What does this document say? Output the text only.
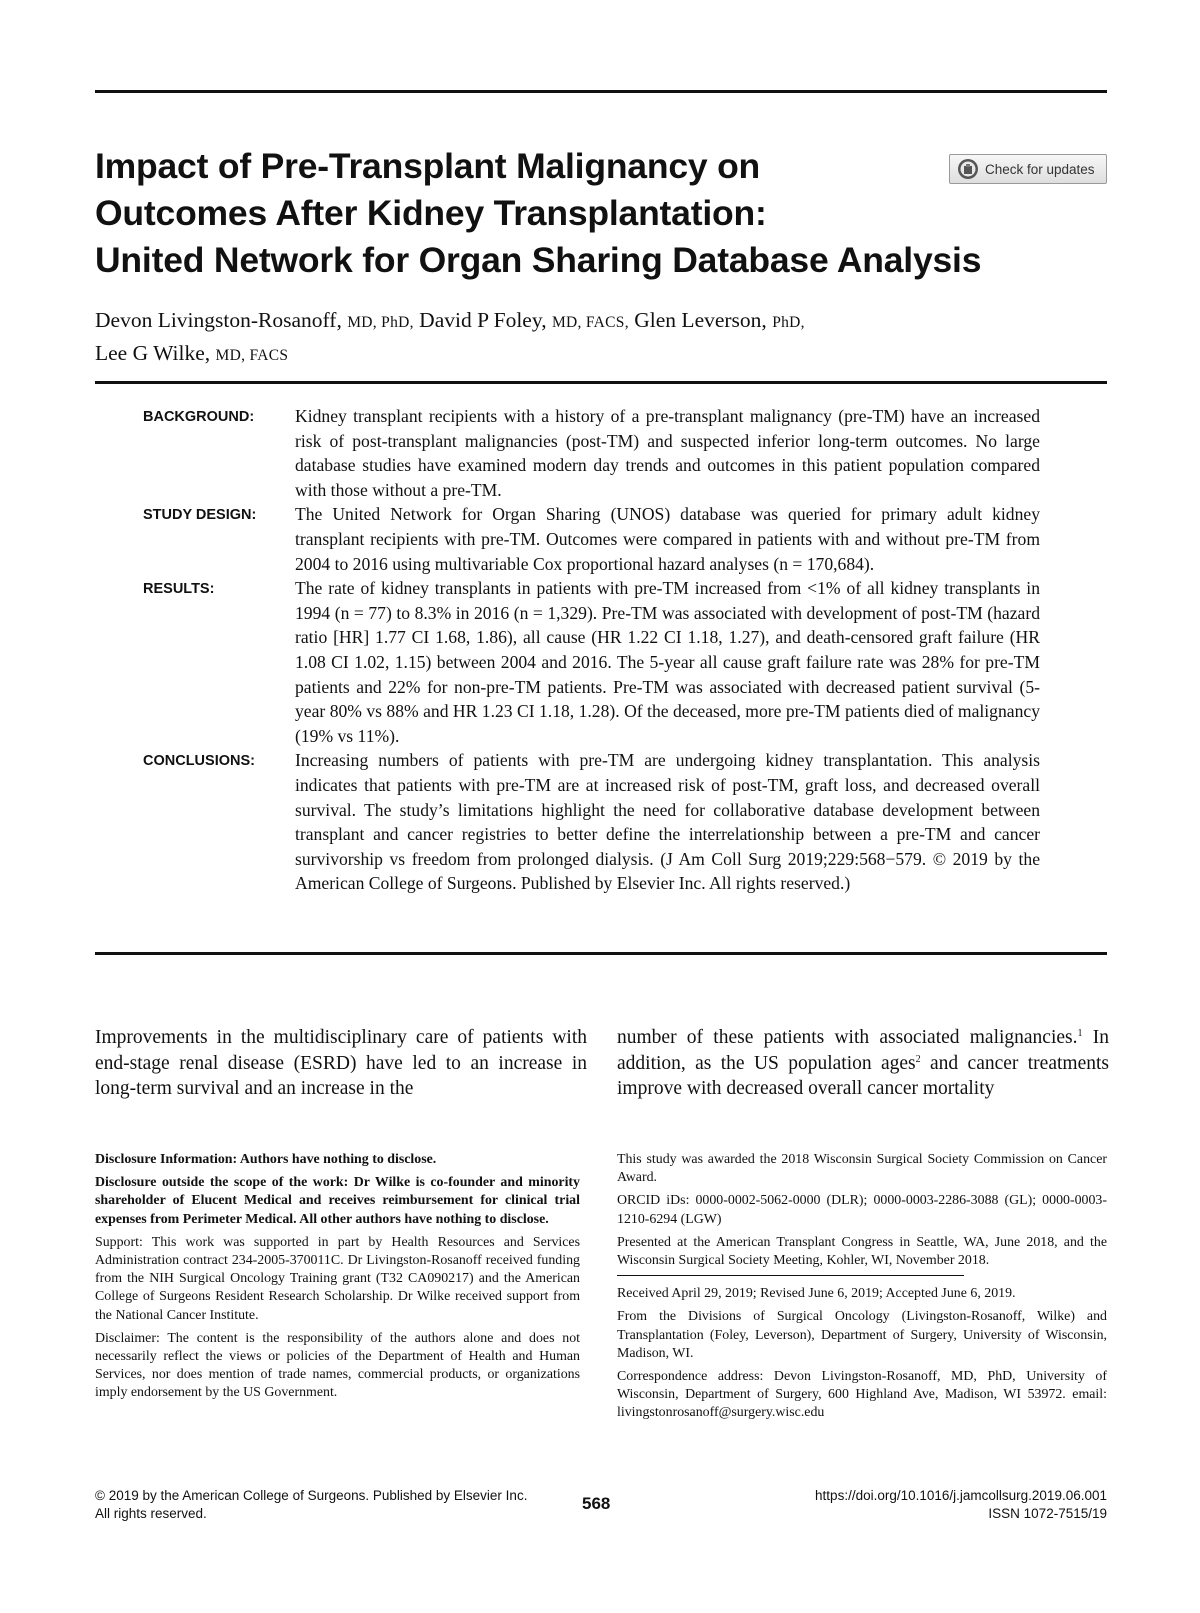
Impact of Pre-Transplant Malignancy on
Outcomes After Kidney Transplantation:
United Network for Organ Sharing Database Analysis
Check for updates
Devon Livingston-Rosanoff, MD, PhD, David P Foley, MD, FACS, Glen Leverson, PhD,
Lee G Wilke, MD, FACS
BACKGROUND:	Kidney transplant recipients with a history of a pre-transplant malignancy (pre-TM) have an increased risk of post-transplant malignancies (post-TM) and suspected inferior long-term outcomes. No large database studies have examined modern day trends and outcomes in this patient population compared with those without a pre-TM.
STUDY DESIGN:	The United Network for Organ Sharing (UNOS) database was queried for primary adult kidney transplant recipients with pre-TM. Outcomes were compared in patients with and without pre-TM from 2004 to 2016 using multivariable Cox proportional hazard analyses (n = 170,684).
RESULTS:	The rate of kidney transplants in patients with pre-TM increased from <1% of all kidney transplants in 1994 (n = 77) to 8.3% in 2016 (n = 1,329). Pre-TM was associated with development of post-TM (hazard ratio [HR] 1.77 CI 1.68, 1.86), all cause (HR 1.22 CI 1.18, 1.27), and death-censored graft failure (HR 1.08 CI 1.02, 1.15) between 2004 and 2016. The 5-year all cause graft failure rate was 28% for pre-TM patients and 22% for non-pre-TM patients. Pre-TM was associated with decreased patient survival (5-year 80% vs 88% and HR 1.23 CI 1.18, 1.28). Of the deceased, more pre-TM patients died of malignancy (19% vs 11%).
CONCLUSIONS:	Increasing numbers of patients with pre-TM are undergoing kidney transplantation. This analysis indicates that patients with pre-TM are at increased risk of post-TM, graft loss, and decreased overall survival. The study’s limitations highlight the need for collaborative database development between transplant and cancer registries to better define the interrelationship between a pre-TM and cancer survivorship vs freedom from prolonged dialysis. (J Am Coll Surg 2019;229:568−579. © 2019 by the American College of Surgeons. Published by Elsevier Inc. All rights reserved.)
Improvements in the multidisciplinary care of patients with end-stage renal disease (ESRD) have led to an increase in long-term survival and an increase in the
number of these patients with associated malignancies.$^1$ In addition, as the US population ages$^2$ and cancer treatments improve with decreased overall cancer mortality

Disclosure Information: Authors have nothing to disclose.

Disclosure outside the scope of the work: Dr Wilke is co-founder and minority shareholder of Elucent Medical and receives reimbursement for clinical trial expenses from Perimeter Medical. All other authors have nothing to disclose.

Support: This work was supported in part by Health Resources and Services Administration contract 234-2005-370011C. Dr Livingston-Rosanoff received funding from the NIH Surgical Oncology Training grant (T32 CA090217) and the American College of Surgeons Resident Research Scholarship. Dr Wilke received support from the National Cancer Institute.

Disclaimer: The content is the responsibility of the authors alone and does not necessarily reflect the views or policies of the Department of Health and Human Services, nor does mention of trade names, commercial products, or organizations imply endorsement by the US Government.

This study was awarded the 2018 Wisconsin Surgical Society Commission on Cancer Award.

ORCID iDs: 0000-0002-5062-0000 (DLR); 0000-0003-2286-3088 (GL); 0000-0003-1210-6294 (LGW)

Presented at the American Transplant Congress in Seattle, WA, June 2018, and the Wisconsin Surgical Society Meeting, Kohler, WI, November 2018.

Received April 29, 2019; Revised June 6, 2019; Accepted June 6, 2019.

From the Divisions of Surgical Oncology (Livingston-Rosanoff, Wilke) and Transplantation (Foley, Leverson), Department of Surgery, University of Wisconsin, Madison, WI.

Correspondence address: Devon Livingston-Rosanoff, MD, PhD, University of Wisconsin, Department of Surgery, 600 Highland Ave, Madison, WI 53972. email: livingstonrosanoff@surgery.wisc.edu

© 2019 by the American College of Surgeons. Published by Elsevier Inc.
All rights reserved.
568	https://doi.org/10.1016/j.jamcollsurg.2019.06.001
ISSN 1072-7515/19
